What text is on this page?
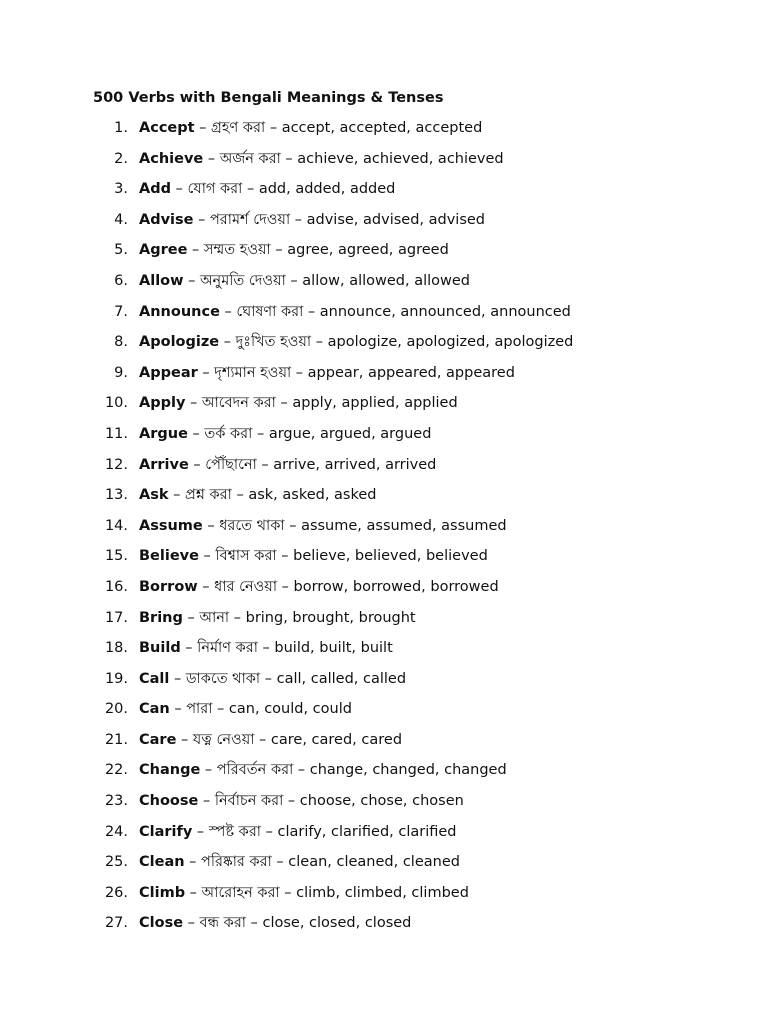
500 Verbs with Bengali Meanings & Tenses
1. Accept – গ্রহণ করা – accept, accepted, accepted
2. Achieve – অর্জন করা – achieve, achieved, achieved
3. Add – যোগ করা – add, added, added
4. Advise – পরামর্শ দেওয়া – advise, advised, advised
5. Agree – সম্মত হওয়া – agree, agreed, agreed
6. Allow – অনুমতি দেওয়া – allow, allowed, allowed
7. Announce – ঘোষণা করা – announce, announced, announced
8. Apologize – দুঃখিত হওয়া – apologize, apologized, apologized
9. Appear – দৃশ্যমান হওয়া – appear, appeared, appeared
10. Apply – আবেদন করা – apply, applied, applied
11. Argue – তর্ক করা – argue, argued, argued
12. Arrive – পৌঁছানো – arrive, arrived, arrived
13. Ask – প্রশ্ন করা – ask, asked, asked
14. Assume – ধরতে থাকা – assume, assumed, assumed
15. Believe – বিশ্বাস করা – believe, believed, believed
16. Borrow – ধার নেওয়া – borrow, borrowed, borrowed
17. Bring – আনা – bring, brought, brought
18. Build – নির্মাণ করা – build, built, built
19. Call – ডাকতে থাকা – call, called, called
20. Can – পারা – can, could, could
21. Care – যত্ন নেওয়া – care, cared, cared
22. Change – পরিবর্তন করা – change, changed, changed
23. Choose – নির্বাচন করা – choose, chose, chosen
24. Clarify – স্পষ্ট করা – clarify, clarified, clarified
25. Clean – পরিষ্কার করা – clean, cleaned, cleaned
26. Climb – আরোহন করা – climb, climbed, climbed
27. Close – বন্ধ করা – close, closed, closed
